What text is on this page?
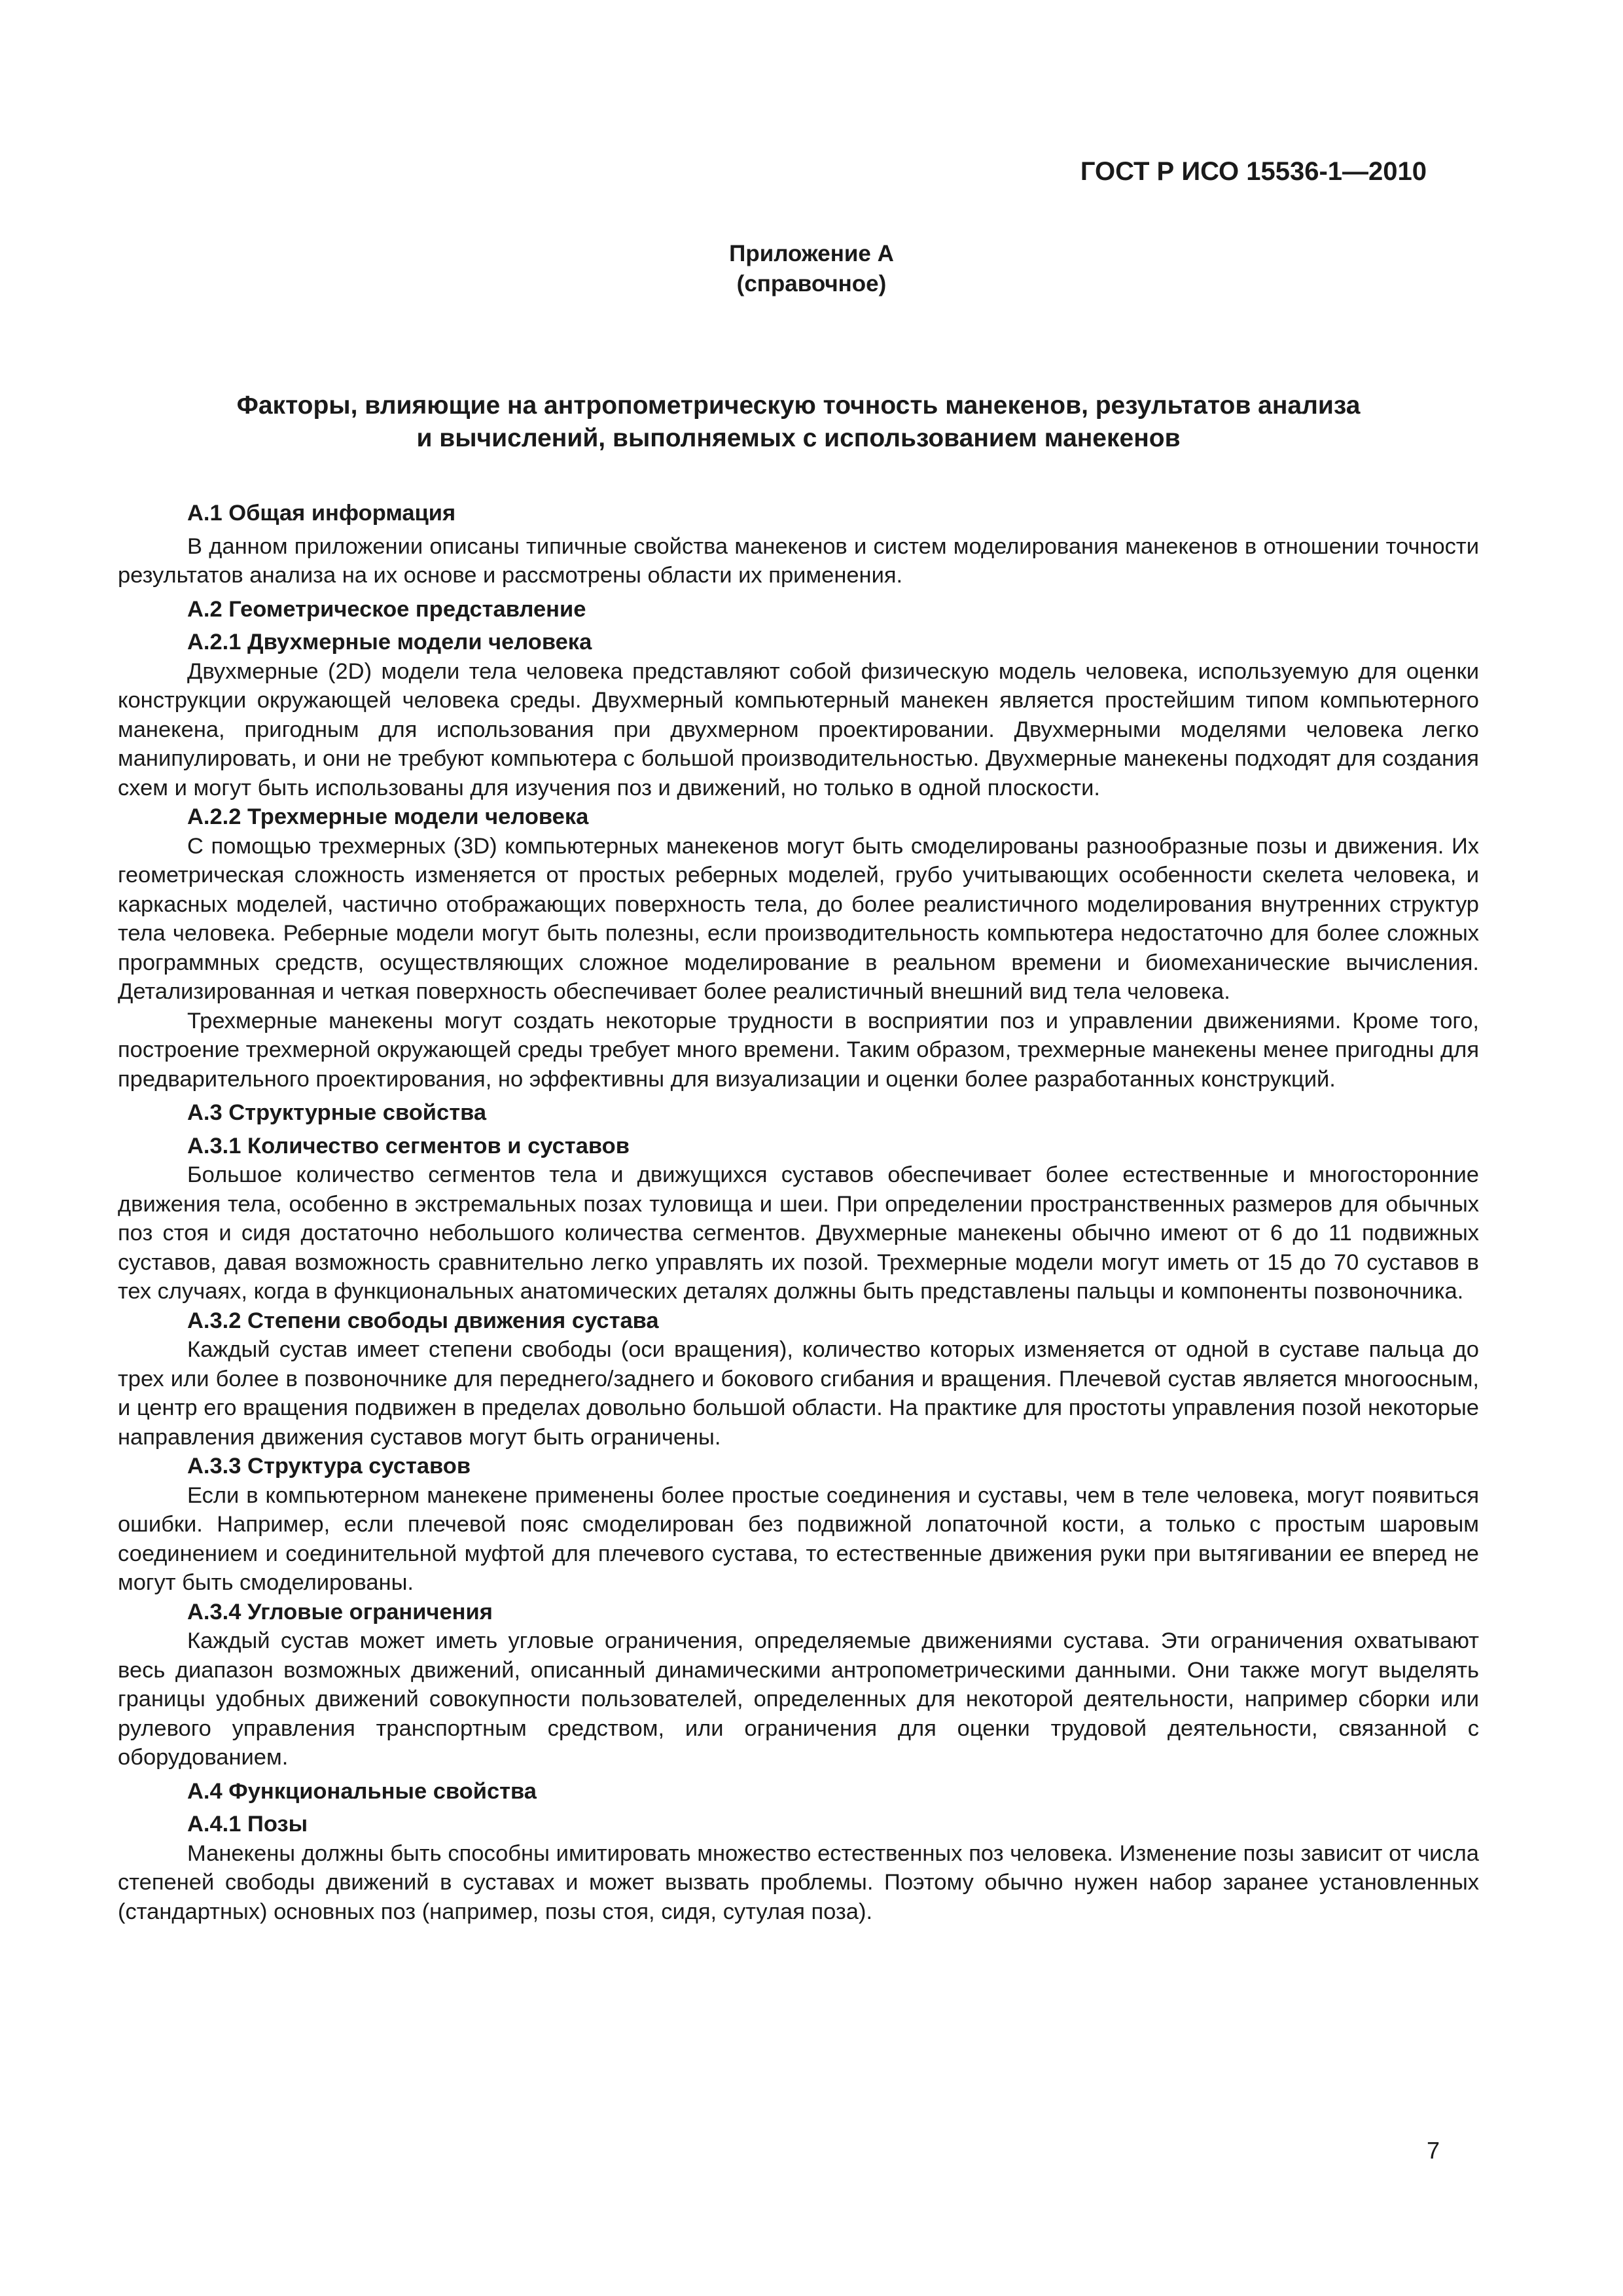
ГОСТ Р ИСО 15536-1—2010
Приложение А
(справочное)
Факторы, влияющие на антропометрическую точность манекенов, результатов анализа
и вычислений, выполняемых с использованием манекенов
А.1 Общая информация

В данном приложении описаны типичные свойства манекенов и систем моделирования манекенов в отношении точности результатов анализа на их основе и рассмотрены области их применения.

А.2 Геометрическое представление
А.2.1 Двухмерные модели человека

Двухмерные (2D) модели тела человека представляют собой физическую модель человека, используемую для оценки конструкции окружающей человека среды. Двухмерный компьютерный манекен является простейшим типом компьютерного манекена, пригодным для использования при двухмерном проектировании. Двухмерными моделями человека легко манипулировать, и они не требуют компьютера с большой производительностью. Двухмерные манекены подходят для создания схем и могут быть использованы для изучения поз и движений, но только в одной плоскости.

А.2.2 Трехмерные модели человека

С помощью трехмерных (3D) компьютерных манекенов могут быть смоделированы разнообразные позы и движения. Их геометрическая сложность изменяется от простых реберных моделей, грубо учитывающих особенности скелета человека, и каркасных моделей, частично отображающих поверхность тела, до более реалистичного моделирования внутренних структур тела человека. Реберные модели могут быть полезны, если производительность компьютера недостаточно для более сложных программных средств, осуществляющих сложное моделирование в реальном времени и биомеханические вычисления. Детализированная и четкая поверхность обеспечивает более реалистичный внешний вид тела человека.

Трехмерные манекены могут создать некоторые трудности в восприятии поз и управлении движениями. Кроме того, построение трехмерной окружающей среды требует много времени. Таким образом, трехмерные манекены менее пригодны для предварительного проектирования, но эффективны для визуализации и оценки более разработанных конструкций.

А.3 Структурные свойства
А.3.1 Количество сегментов и суставов

Большое количество сегментов тела и движущихся суставов обеспечивает более естественные и многосторонние движения тела, особенно в экстремальных позах туловища и шеи. При определении пространственных размеров для обычных поз стоя и сидя достаточно небольшого количества сегментов. Двухмерные манекены обычно имеют от 6 до 11 подвижных суставов, давая возможность сравнительно легко управлять их позой. Трехмерные модели могут иметь от 15 до 70 суставов в тех случаях, когда в функциональных анатомических деталях должны быть представлены пальцы и компоненты позвоночника.

А.3.2 Степени свободы движения сустава

Каждый сустав имеет степени свободы (оси вращения), количество которых изменяется от одной в суставе пальца до трех или более в позвоночнике для переднего/заднего и бокового сгибания и вращения. Плечевой сустав является многоосным, и центр его вращения подвижен в пределах довольно большой области. На практике для простоты управления позой некоторые направления движения суставов могут быть ограничены.

А.3.3 Структура суставов

Если в компьютерном манекене применены более простые соединения и суставы, чем в теле человека, могут появиться ошибки. Например, если плечевой пояс смоделирован без подвижной лопаточной кости, а только с простым шаровым соединением и соединительной муфтой для плечевого сустава, то естественные движения руки при вытягивании ее вперед не могут быть смоделированы.

А.3.4 Угловые ограничения

Каждый сустав может иметь угловые ограничения, определяемые движениями сустава. Эти ограничения охватывают весь диапазон возможных движений, описанный динамическими антропометрическими данными. Они также могут выделять границы удобных движений совокупности пользователей, определенных для некоторой деятельности, например сборки или рулевого управления транспортным средством, или ограничения для оценки трудовой деятельности, связанной с оборудованием.

А.4 Функциональные свойства
А.4.1 Позы

Манекены должны быть способны имитировать множество естественных поз человека. Изменение позы зависит от числа степеней свободы движений в суставах и может вызвать проблемы. Поэтому обычно нужен набор заранее установленных (стандартных) основных поз (например, позы стоя, сидя, сутулая поза).

7
